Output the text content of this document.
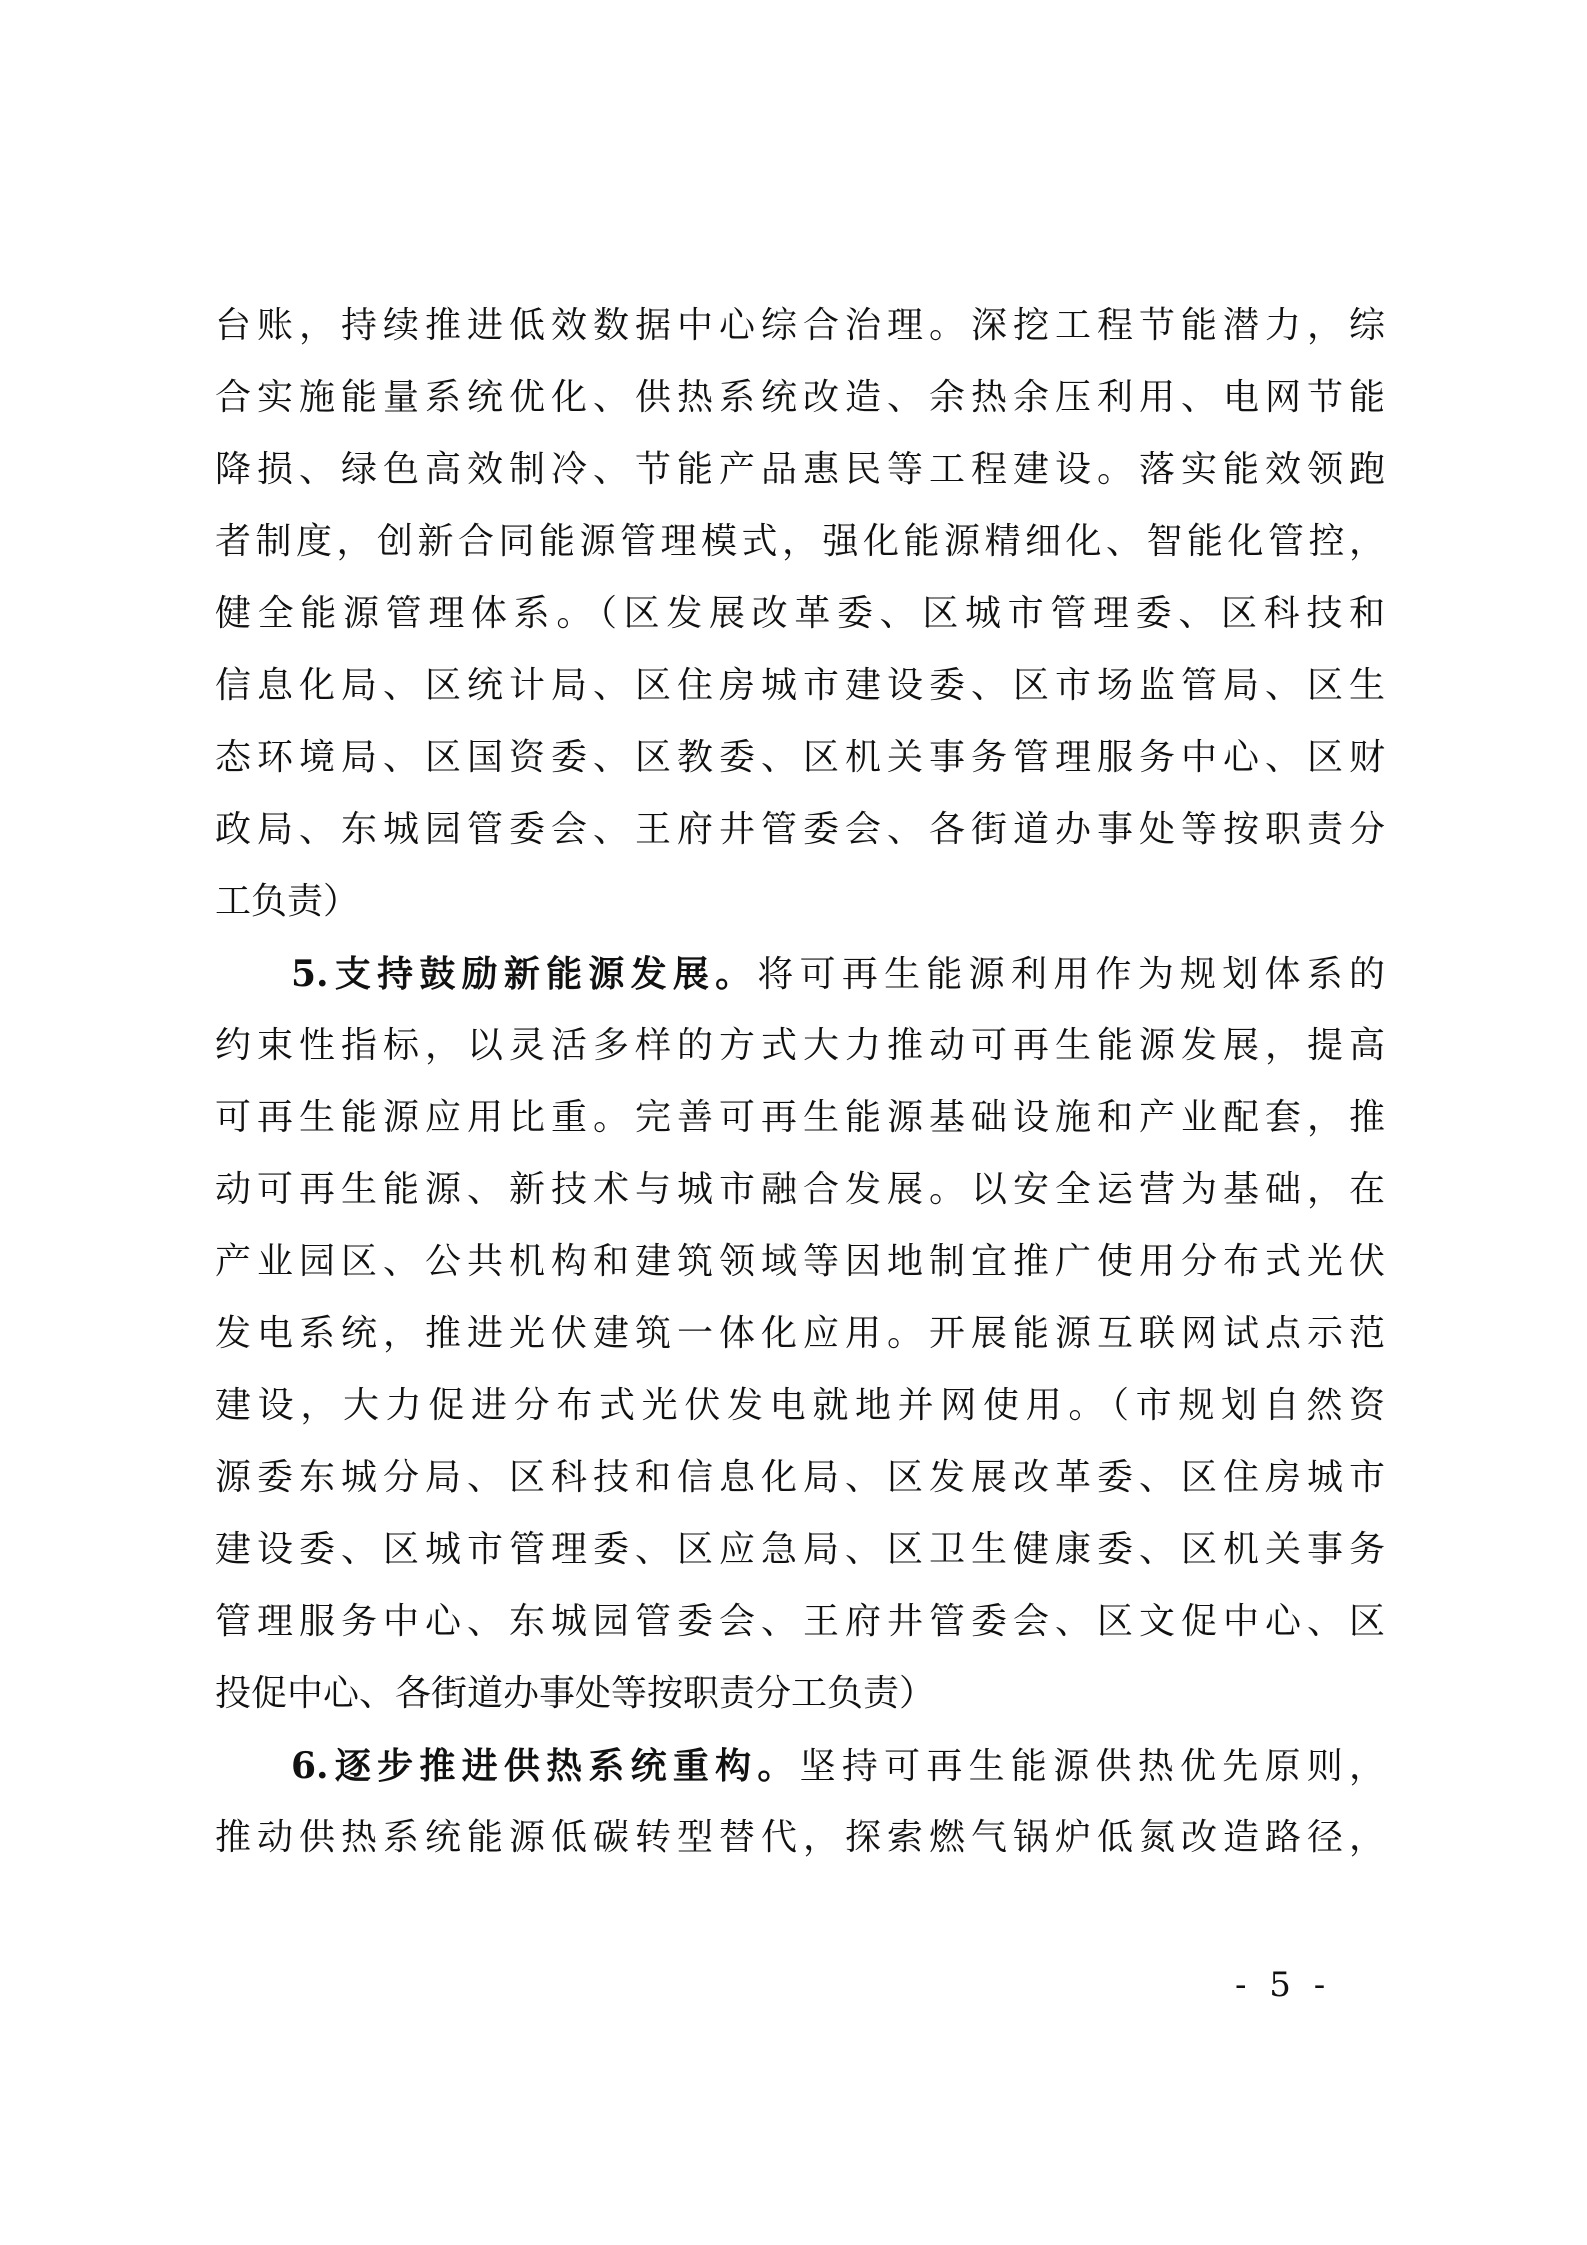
台账，持续推进低效数据中心综合治理。深挖工程节能潜力，综
合实施能量系统优化、供热系统改造、余热余压利用、电网节能
降损、绿色高效制冷、节能产品惠民等工程建设。落实能效领跑
者制度，创新合同能源管理模式，强化能源精细化、智能化管控，
健全能源管理体系。（区发展改革委、区城市管理委、区科技和
信息化局、区统计局、区住房城市建设委、区市场监管局、区生
态环境局、区国资委、区教委、区机关事务管理服务中心、区财
政局、东城园管委会、王府井管委会、各街道办事处等按职责分
工负责）
5.支持鼓励新能源发展。将可再生能源利用作为规划体系的
约束性指标，以灵活多样的方式大力推动可再生能源发展，提高
可再生能源应用比重。完善可再生能源基础设施和产业配套，推
动可再生能源、新技术与城市融合发展。以安全运营为基础，在
产业园区、公共机构和建筑领域等因地制宜推广使用分布式光伏
发电系统，推进光伏建筑一体化应用。开展能源互联网试点示范
建设，大力促进分布式光伏发电就地并网使用。（市规划自然资
源委东城分局、区科技和信息化局、区发展改革委、区住房城市
建设委、区城市管理委、区应急局、区卫生健康委、区机关事务
管理服务中心、东城园管委会、王府井管委会、区文促中心、区
投促中心、各街道办事处等按职责分工负责）
6.逐步推进供热系统重构。坚持可再生能源供热优先原则，
推动供热系统能源低碳转型替代，探索燃气锅炉低氮改造路径，
- 5 -
